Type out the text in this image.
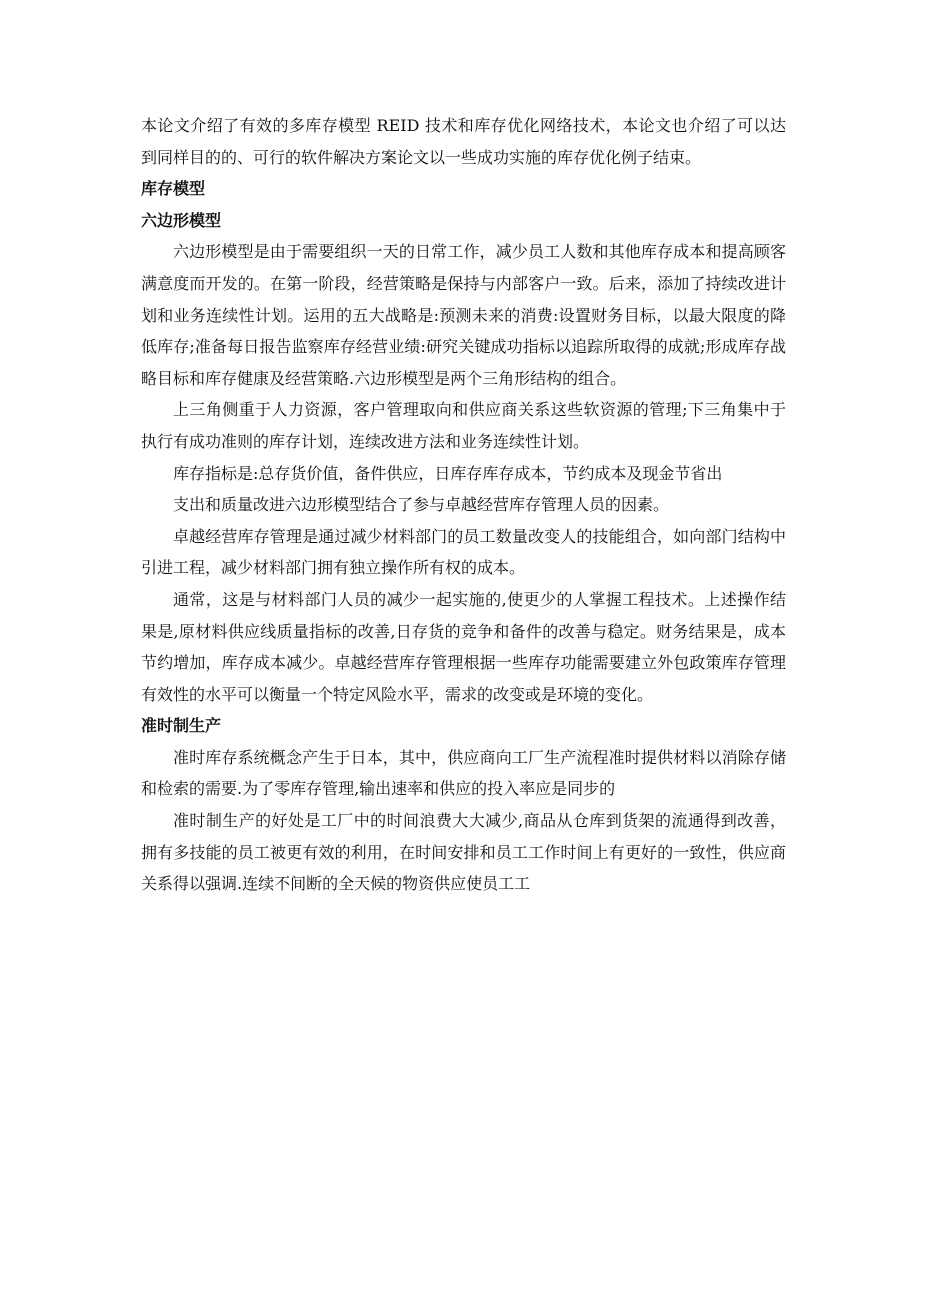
本论文介绍了有效的多库存模型 REID 技术和库存优化网络技术，本论文也介绍了可以达到同样目的的、可行的软件解决方案论文以一些成功实施的库存优化例子结束。

库存模型
六边形模型

六边形模型是由于需要组织一天的日常工作，减少员工人数和其他库存成本和提高顾客满意度而开发的。在第一阶段，经营策略是保持与内部客户一致。后来，添加了持续改进计划和业务连续性计划。运用的五大战略是:预测未来的消费:设置财务目标，以最大限度的降低库存;准备每日报告监察库存经营业绩:研究关键成功指标以追踪所取得的成就;形成库存战略目标和库存健康及经营策略.六边形模型是两个三角形结构的组合。

上三角侧重于人力资源，客户管理取向和供应商关系这些软资源的管理;下三角集中于执行有成功准则的库存计划，连续改进方法和业务连续性计划。

库存指标是:总存货价值，备件供应，日库存库存成本，节约成本及现金节省出

支出和质量改进六边形模型结合了参与卓越经营库存管理人员的因素。

卓越经营库存管理是通过减少材料部门的员工数量改变人的技能组合，如向部门结构中引进工程，减少材料部门拥有独立操作所有权的成本。

通常，这是与材料部门人员的减少一起实施的,使更少的人掌握工程技术。上述操作结果是,原材料供应线质量指标的改善,日存货的竞争和备件的改善与稳定。财务结果是，成本节约增加，库存成本减少。卓越经营库存管理根据一些库存功能需要建立外包政策库存管理有效性的水平可以衡量一个特定风险水平，需求的改变或是环境的变化。

准时制生产

准时库存系统概念产生于日本，其中，供应商向工厂生产流程准时提供材料以消除存储和检索的需要.为了零库存管理,输出速率和供应的投入率应是同步的

准时制生产的好处是工厂中的时间浪费大大减少,商品从仓库到货架的流通得到改善，拥有多技能的员工被更有效的利用，在时间安排和员工工作时间上有更好的一致性，供应商关系得以强调.连续不间断的全天候的物资供应使员工工
